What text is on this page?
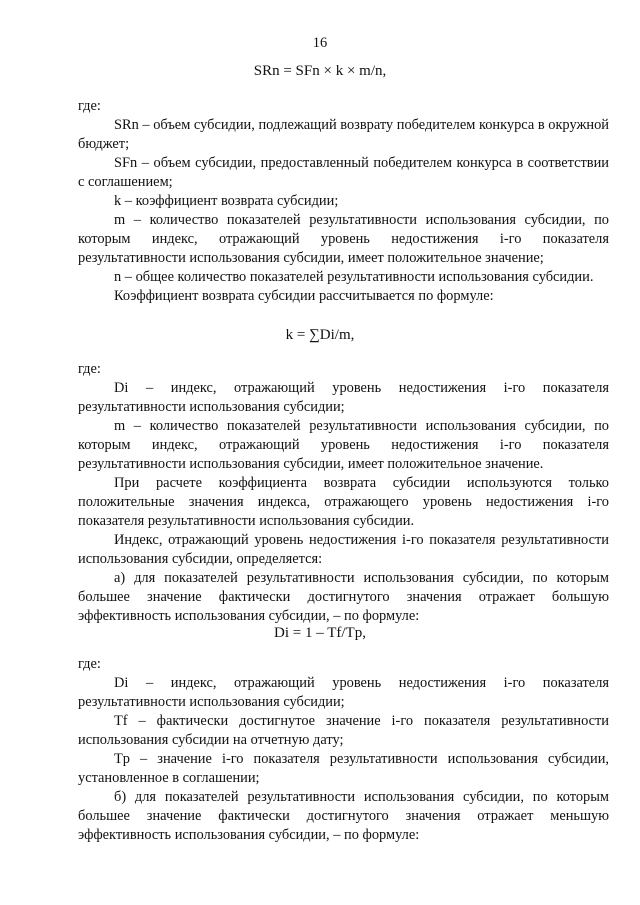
16
SRn = SFn × k × m/n,

где:

SRn – объем субсидии, подлежащий возврату победителем конкурса в окружной бюджет;

SFn – объем субсидии, предоставленный победителем конкурса в соответствии с соглашением;

k – коэффициент возврата субсидии;

m – количество показателей результативности использования субсидии, по которым индекс, отражающий уровень недостижения i-го показателя результативности использования субсидии, имеет положительное значение;

n – общее количество показателей результативности использования субсидии.

Коэффициент возврата субсидии рассчитывается по формуле:

k = ∑Di/m,

где:

Di – индекс, отражающий уровень недостижения i-го показателя результативности использования субсидии;

m – количество показателей результативности использования субсидии, по которым индекс, отражающий уровень недостижения i-го показателя результативности использования субсидии, имеет положительное значение.

При расчете коэффициента возврата субсидии используются только положительные значения индекса, отражающего уровень недостижения i-го показателя результативности использования субсидии.

Индекс, отражающий уровень недостижения i-го показателя результативности использования субсидии, определяется:

а) для показателей результативности использования субсидии, по которым большее значение фактически достигнутого значения отражает большую эффективность использования субсидии, – по формуле:

Di = 1 – Tf/Tp,

где:

Di – индекс, отражающий уровень недостижения i-го показателя результативности использования субсидии;

Tf – фактически достигнутое значение i-го показателя результативности использования субсидии на отчетную дату;

Tp – значение i-го показателя результативности использования субсидии, установленное в соглашении;

б) для показателей результативности использования субсидии, по которым большее значение фактически достигнутого значения отражает меньшую эффективность использования субсидии, – по формуле:
